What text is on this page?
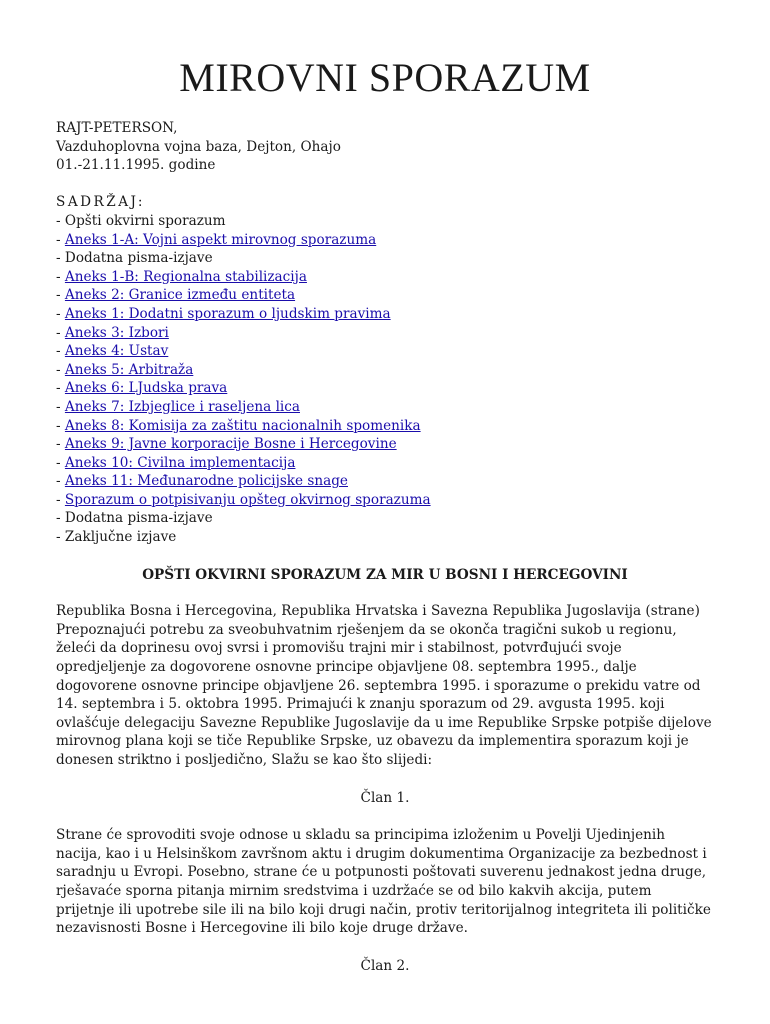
MIROVNI SPORAZUM
RAJT-PETERSON,
Vazduhoplovna vojna baza, Dejton, Ohajo
01.-21.11.1995. godine
SADRŽAJ:
- Opšti okvirni sporazum
- Aneks 1-A: Vojni aspekt mirovnog sporazuma
- Dodatna pisma-izjave
- Aneks 1-B: Regionalna stabilizacija
- Aneks 2: Granice između entiteta
- Aneks 1: Dodatni sporazum o ljudskim pravima
- Aneks 3: Izbori
- Aneks 4: Ustav
- Aneks 5: Arbitraža
- Aneks 6: LJudska prava
- Aneks 7: Izbjeglice i raseljena lica
- Aneks 8: Komisija za zaštitu nacionalnih spomenika
- Aneks 9: Javne korporacije Bosne i Hercegovine
- Aneks 10: Civilna implementacija
- Aneks 11: Međunarodne policijske snage
- Sporazum o potpisivanju opšteg okvirnog sporazuma
- Dodatna pisma-izjave
- Zaključne izjave
OPŠTI OKVIRNI SPORAZUM ZA MIR U BOSNI I HERCEGOVINI

Republika Bosna i Hercegovina, Republika Hrvatska i Savezna Republika Jugoslavija (strane) Prepoznajući potrebu za sveobuhvatnim rješenjem da se okonča tragični sukob u regionu, želeći da doprinesu ovoj svrsi i promovišu trajni mir i stabilnost, potvrđujući svoje opredjeljenje za dogovorene osnovne principe objavljene 08. septembra 1995., dalje dogovorene osnovne principe objavljene 26. septembra 1995. i sporazume o prekidu vatre od 14. septembra i 5. oktobra 1995. Primajući k znanju sporazum od 29. avgusta 1995. koji ovlašćuje delegaciju Savezne Republike Jugoslavije da u ime Republike Srpske potpiše dijelove mirovnog plana koji se tiče Republike Srpske, uz obavezu da implementira sporazum koji je donesen striktno i posljedično, Slažu se kao što slijedi:

Član 1.

Strane će sprovoditi svoje odnose u skladu sa principima izloženim u Povelji Ujedinjenih nacija, kao i u Helsinškom završnom aktu i drugim dokumentima Organizacije za bezbednost i saradnju u Evropi. Posebno, strane će u potpunosti poštovati suverenu jednakost jedna druge, rješavaće sporna pitanja mirnim sredstvima i uzdržaće se od bilo kakvih akcija, putem prijetnje ili upotrebe sile ili na bilo koji drugi način, protiv teritorijalnog integriteta ili političke nezavisnosti Bosne i Hercegovine ili bilo koje druge države.

Član 2.
